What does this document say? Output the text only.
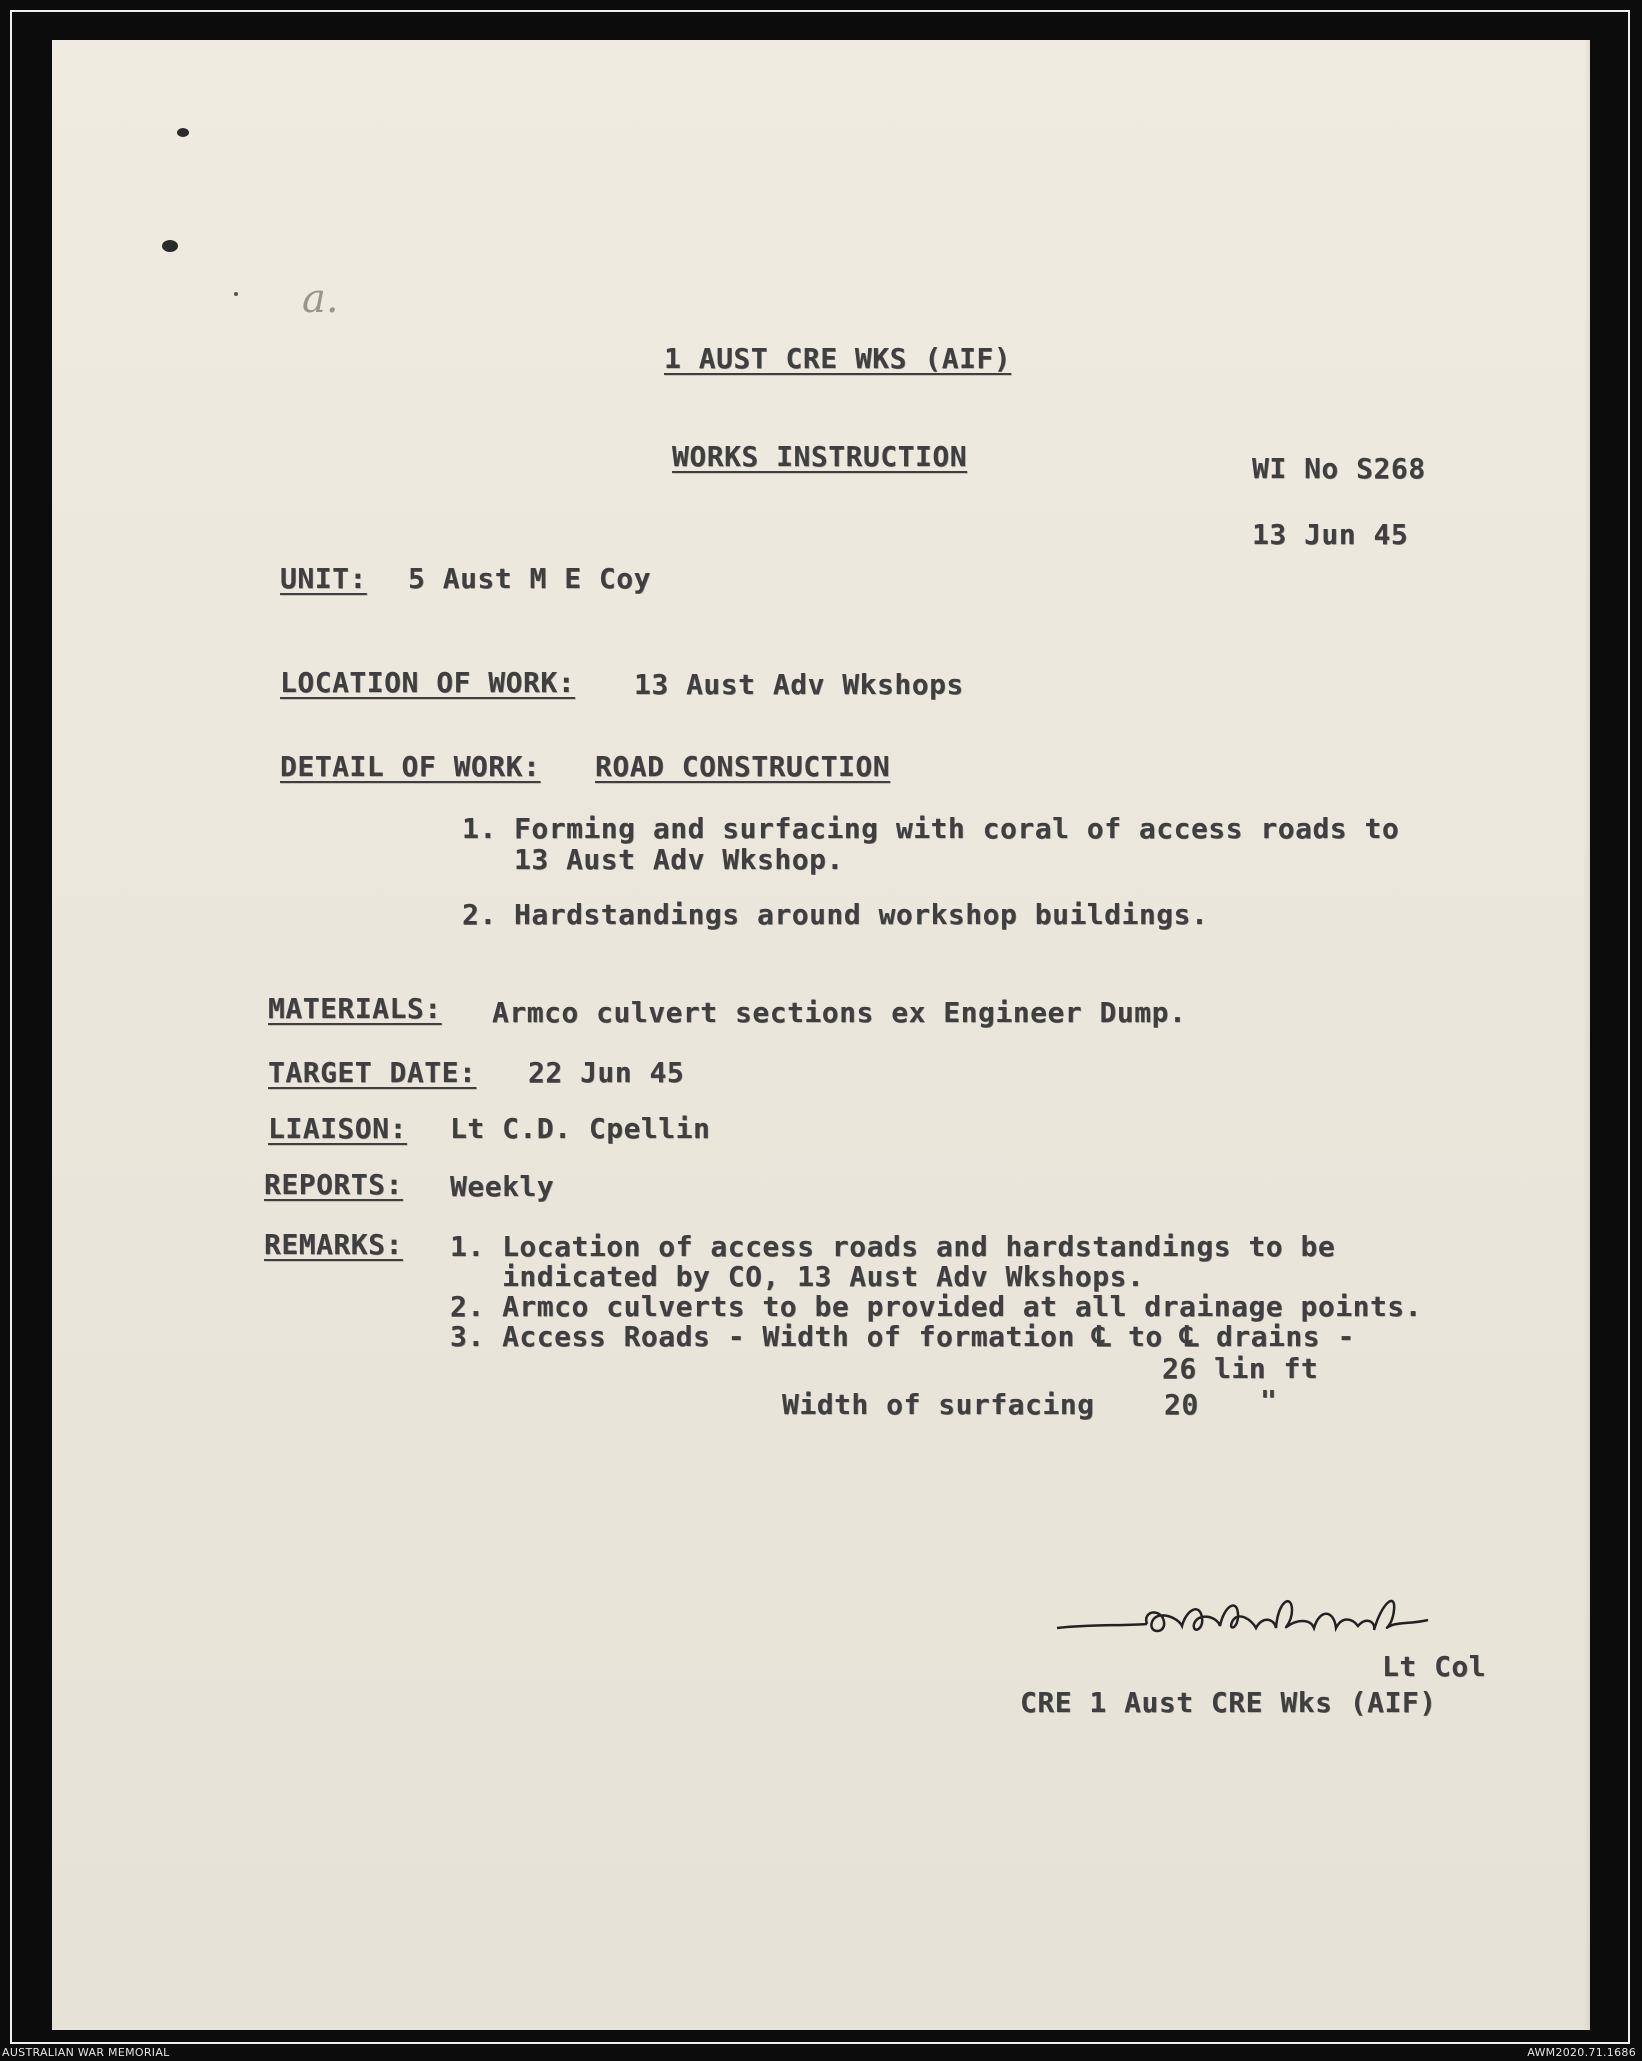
a.
1 AUST CRE WKS (AIF)
WORKS INSTRUCTION	WI No S268
13 Jun 45
UNIT: 5 Aust M E Coy
LOCATION OF WORK: 13 Aust Adv Wkshops
DETAIL OF WORK: ROAD CONSTRUCTION
1. Forming and surfacing with coral of access roads to
13 Aust Adv Wkshop.
2. Hardstandings around workshop buildings.
MATERIALS: Armco culvert sections ex Engineer Dump.
TARGET DATE: 22 Jun 45
LIAISON: Lt C.D. Cpellin
REPORTS: Weekly
REMARKS: 1. Location of access roads and hardstandings to be
indicated by CO, 13 Aust Adv Wkshops.
2. Armco culverts to be provided at all drainage points.
3. Access Roads - Width of formation ℄ to ℄ drains -
26 lin ft
Width of surfacing 20 "
Lt Col
CRE 1 Aust CRE Wks (AIF)
AUSTRALIAN WAR MEMORIAL	AWM2020.71.1686
